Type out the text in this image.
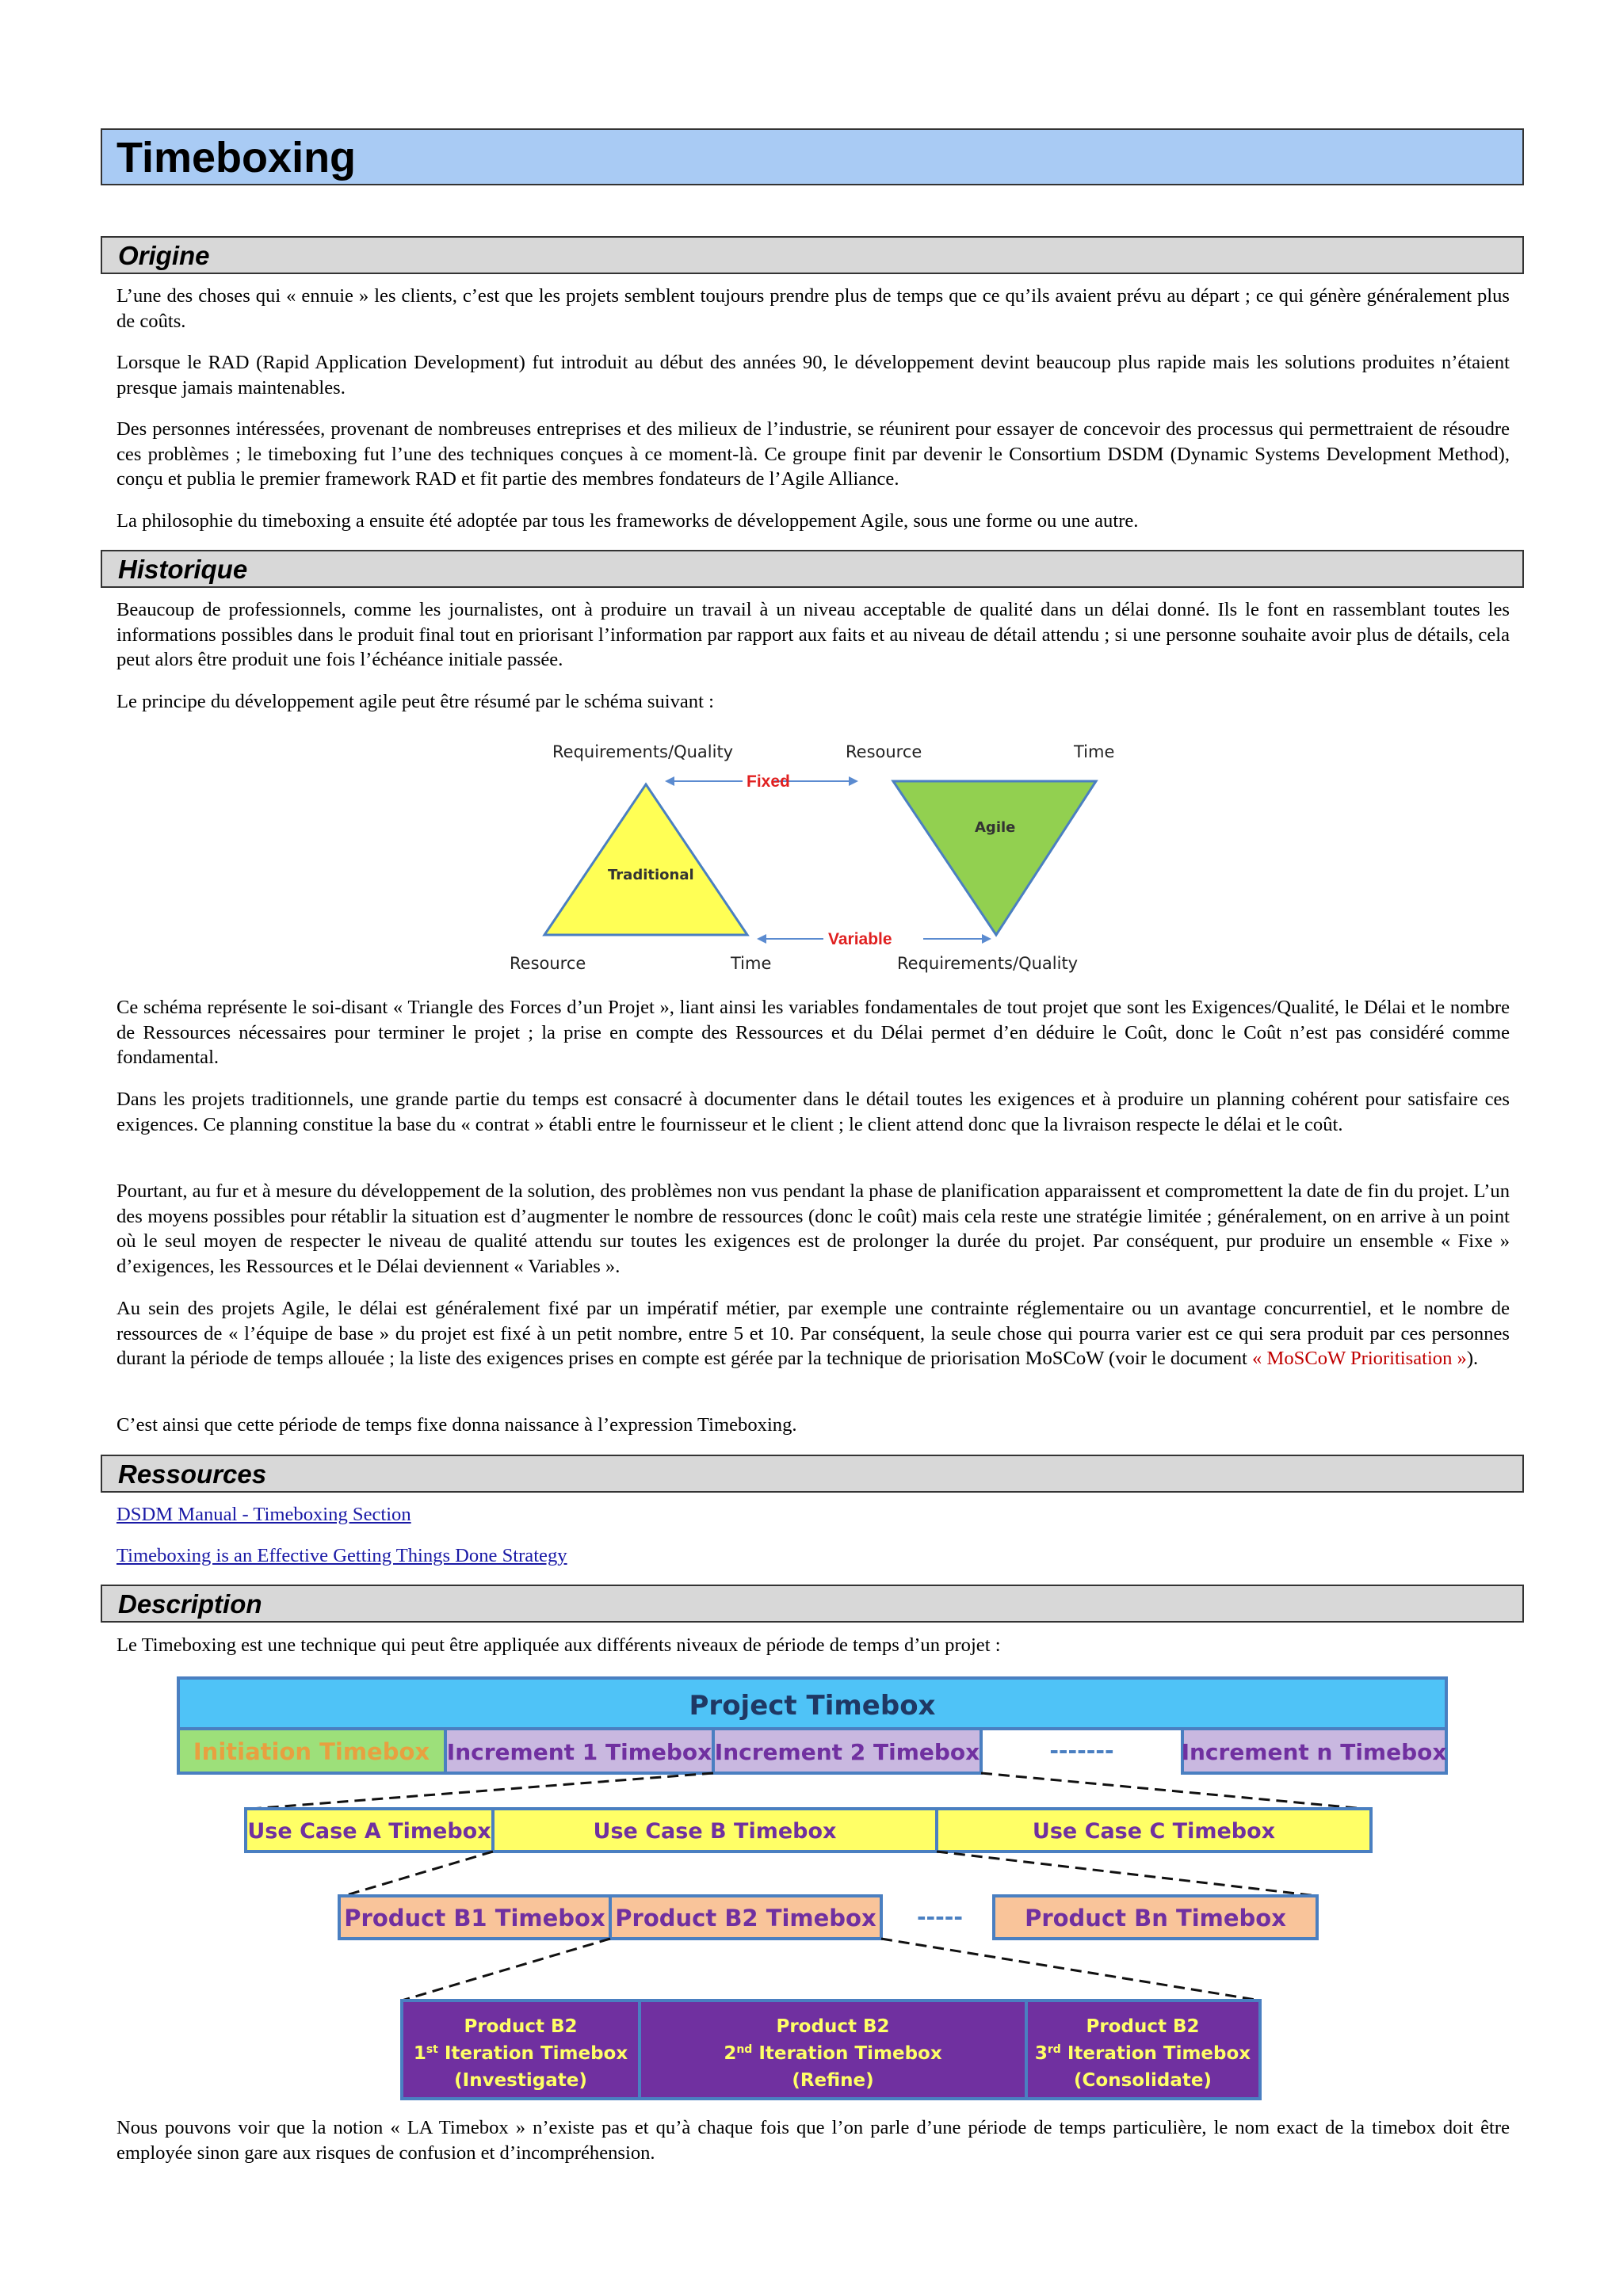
Timeboxing
Origine

L’une des choses qui « ennuie » les clients, c’est que les projets semblent toujours prendre plus de temps que ce qu’ils avaient prévu au départ ; ce qui génère généralement plus de coûts.

Lorsque le RAD (Rapid Application Development) fut introduit au début des années 90, le développement devint beaucoup plus rapide mais les solutions produites n’étaient presque jamais maintenables.

Des personnes intéressées, provenant de nombreuses entreprises et des milieux de l’industrie, se réunirent pour essayer de concevoir des processus qui permettraient de résoudre ces problèmes ; le timeboxing fut l’une des techniques conçues à ce moment-là. Ce groupe finit par devenir le Consortium DSDM (Dynamic Systems Development Method), conçu et publia le premier framework RAD et fit partie des membres fondateurs de l’Agile Alliance.

La philosophie du timeboxing a ensuite été adoptée par tous les frameworks de développement Agile, sous une forme ou une autre.

Historique

Beaucoup de professionnels, comme les journalistes, ont à produire un travail à un niveau acceptable de qualité dans un délai donné. Ils le font en rassemblant toutes les informations possibles dans le produit final tout en priorisant l’information par rapport aux faits et au niveau de détail attendu ; si une personne souhaite avoir plus de détails, cela peut alors être produit une fois l’échéance initiale passée.

Le principe du développement agile peut être résumé par le schéma suivant :

Requirements/Quality	Resource	Time
Resource	Time	Requirements/Quality
Traditional
Agile
Fixed
Variable

Ce schéma représente le soi-disant « Triangle des Forces d’un Projet », liant ainsi les variables fondamentales de tout projet que sont les Exigences/Qualité, le Délai et le nombre de Ressources nécessaires pour terminer le projet ; la prise en compte des Ressources et du Délai permet d’en déduire le Coût, donc le Coût n’est pas considéré comme fondamental.

Dans les projets traditionnels, une grande partie du temps est consacré à documenter dans le détail toutes les exigences et à produire un planning cohérent pour satisfaire ces exigences. Ce planning constitue la base du « contrat » établi entre le fournisseur et le client ; le client attend donc que la livraison respecte le délai et le coût.

Pourtant, au fur et à mesure du développement de la solution, des problèmes non vus pendant la phase de planification apparaissent et compromettent la date de fin du projet. L’un des moyens possibles pour rétablir la situation est d’augmenter le nombre de ressources (donc le coût) mais cela reste une stratégie limitée ; généralement, on en arrive à un point où le seul moyen de respecter le niveau de qualité attendu sur toutes les exigences est de prolonger la durée du projet. Par conséquent, pur produire un ensemble « Fixe » d’exigences, les Ressources et le Délai deviennent « Variables ».

Au sein des projets Agile, le délai est généralement fixé par un impératif métier, par exemple une contrainte réglementaire ou un avantage concurrentiel, et le nombre de ressources de « l’équipe de base » du projet est fixé à un petit nombre, entre 5 et 10. Par conséquent, la seule chose qui pourra varier est ce qui sera produit par ces personnes durant la période de temps allouée ; la liste des exigences prises en compte est gérée par la technique de priorisation MoSCoW (voir le document « MoSCoW Prioritisation »).

C’est ainsi que cette période de temps fixe donna naissance à l’expression Timeboxing.

Ressources
DSDM Manual - Timeboxing Section
Timeboxing is an Effective Getting Things Done Strategy
Description

Le Timeboxing est une technique qui peut être appliquée aux différents niveaux de période de temps d’un projet :

Project Timebox
Initiation Timebox Increment 1 Timebox Increment 2 Timebox	-------	Increment n Timebox
Use Case A Timebox	Use Case B Timebox	Use Case C Timebox
Product B1 Timebox Product B2 Timebox -----	Product Bn Timebox
Product B2
1st Iteration Timebox
(Investigate)
Product B2
2nd Iteration Timebox
(Refine)
Product B2
3rd Iteration Timebox
(Consolidate)

Nous pouvons voir que la notion « LA Timebox » n’existe pas et qu’à chaque fois que l’on parle d’une période de temps particulière, le nom exact de la timebox doit être employée sinon gare aux risques de confusion et d’incompréhension.
